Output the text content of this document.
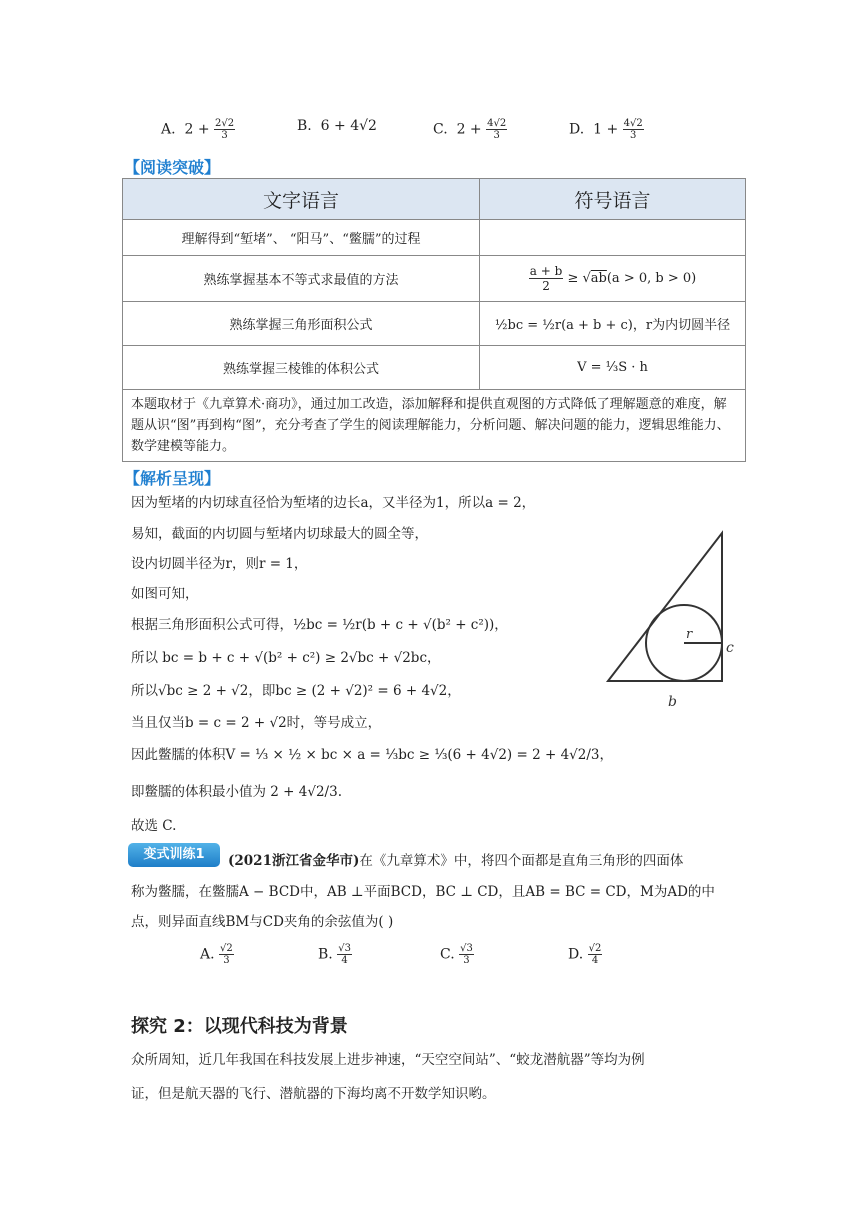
A.  $2 + \frac{2√2}{3}$	B.  6 + 4√2	C.  $2 + \frac{4√2}{3}$	D.  $1 + \frac{4√2}{3}$
【阅读突破】
文字语言	符号语言
理解得到“堑堵”、 “阳马”、“鳖臑”的过程	
熟练掌握基本不等式求最值的方法	$\frac{a + b}{2} \ge √ab(a > 0$, b > 0)
熟练掌握三角形面积公式	½bc = ½r(a + b + c)，r为内切圆半径
熟练掌握三棱锥的体积公式	V = ⅓S · h
本题取材于《九章算术·商功》，通过加工改造，添加解释和提供直观图的方式降低了理解题意的难度，解题从识“图”再到构“图”，充分考查了学生的阅读理解能力，分析问题、解决问题的能力，逻辑思维能力、数学建模等能力。	
【解析呈现】
因为堑堵的内切球直径恰为堑堵的边长a，又半径为1，所以a = 2，
易知，截面的内切圆与堑堵内切球最大的圆全等，
设内切圆半径为r，则r = 1，
如图可知，
根据三角形面积公式可得，½bc = ½r(b + c + √(b² + c²))，
所以 bc = b + c + √(b² + c²) ≥ 2√bc + √2bc，
所以√bc ≥ 2 + √2，即bc ≥ (2 + √2)² = 6 + 4√2，
当且仅当b = c = 2 + √2时，等号成立，
因此鳖臑的体积V = ⅓ × ½ × bc × a = ⅓bc ≥ ⅓(6 + 4√2) = 2 + 4√2/3，
即鳖臑的体积最小值为 2 + 4√2/3.
故选 C.
r
c
b
变式训练1	(2021浙江省金华市)在《九章算术》中，将四个面都是直角三角形的四面体
称为鳖臑，在鳖臑A − BCD中，AB ⊥平面BCD，BC ⊥ CD，且AB = BC = CD，M为AD的中
点，则异面直线BM与CD夹角的余弦值为( )
A. $\frac{√2}{3}$	B. $\frac{√3}{4}$	C. $\frac{√3}{3}$	D. $\frac{√2}{4}$
探究 2：以现代科技为背景
众所周知，近几年我国在科技发展上进步神速，“天空空间站”、“蛟龙潜航器”等均为例
证，但是航天器的飞行、潜航器的下海均离不开数学知识哟。
